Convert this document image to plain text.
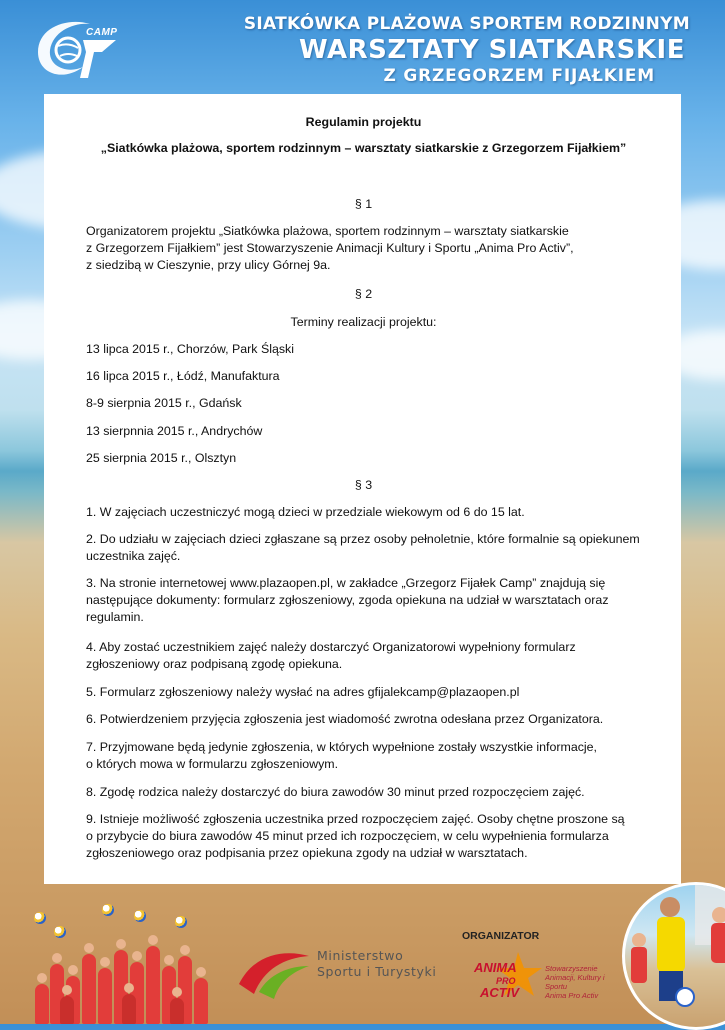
CAMP	SIATKÓWKA PLAŻOWA SPORTEM RODZINNYM
WARSZTATY SIATKARSKIE
Z GRZEGORZEM FIJAŁKIEM
Regulamin projektu
„Siatkówka plażowa, sportem rodzinnym – warsztaty siatkarskie z Grzegorzem Fijałkiem”
§ 1
Organizatorem projektu „Siatkówka plażowa, sportem rodzinnym – warsztaty siatkarskie
z Grzegorzem Fijałkiem” jest Stowarzyszenie Animacji Kultury i Sportu „Anima Pro Activ”,
z siedzibą w Cieszynie, przy ulicy Górnej 9a.
§ 2
Terminy realizacji projektu:
13 lipca 2015 r., Chorzów, Park Śląski
16 lipca 2015 r., Łódź, Manufaktura
8-9 sierpnia 2015 r., Gdańsk
13 sierpnnia 2015 r., Andrychów
25 sierpnia 2015 r., Olsztyn
§ 3
1. W zajęciach uczestniczyć mogą dzieci w przedziale wiekowym od 6 do 15 lat.
2. Do udziału w zajęciach dzieci zgłaszane są przez osoby pełnoletnie, które formalnie są opiekunem
uczestnika zajęć.
3. Na stronie internetowej www.plazaopen.pl, w zakładce „Grzegorz Fijałek Camp” znajdują się
następujące dokumenty: formularz zgłoszeniowy, zgoda opiekuna na udział w warsztatach oraz
regulamin.
4. Aby zostać uczestnikiem zajęć należy dostarczyć Organizatorowi wypełniony formularz
zgłoszeniowy oraz podpisaną zgodę opiekuna.
5. Formularz zgłoszeniowy należy wysłać na adres gfijalekcamp@plazaopen.pl
6. Potwierdzeniem przyjęcia zgłoszenia jest wiadomość zwrotna odesłana przez Organizatora.
7. Przyjmowane będą jedynie zgłoszenia, w których wypełnione zostały wszystkie informacje,
o których mowa w formularzu zgłoszeniowym.
8. Zgodę rodzica należy dostarczyć do biura zawodów 30 minut przed rozpoczęciem zajęć.
9. Istnieje możliwość zgłoszenia uczestnika przed rozpoczęciem zajęć. Osoby chętne proszone są
o przybycie do biura zawodów 45 minut przed ich rozpoczęciem, w celu wypełnienia formularza
zgłoszeniowego oraz podpisania przez opiekuna zgody na udział w warsztatach.
Ministerstwo
Sportu i Turystyki
ORGANIZATOR
ANIMA
PRO
ACTIV
Stowarzyszenie
Animacji, Kultury i Sportu
Anima Pro Activ
